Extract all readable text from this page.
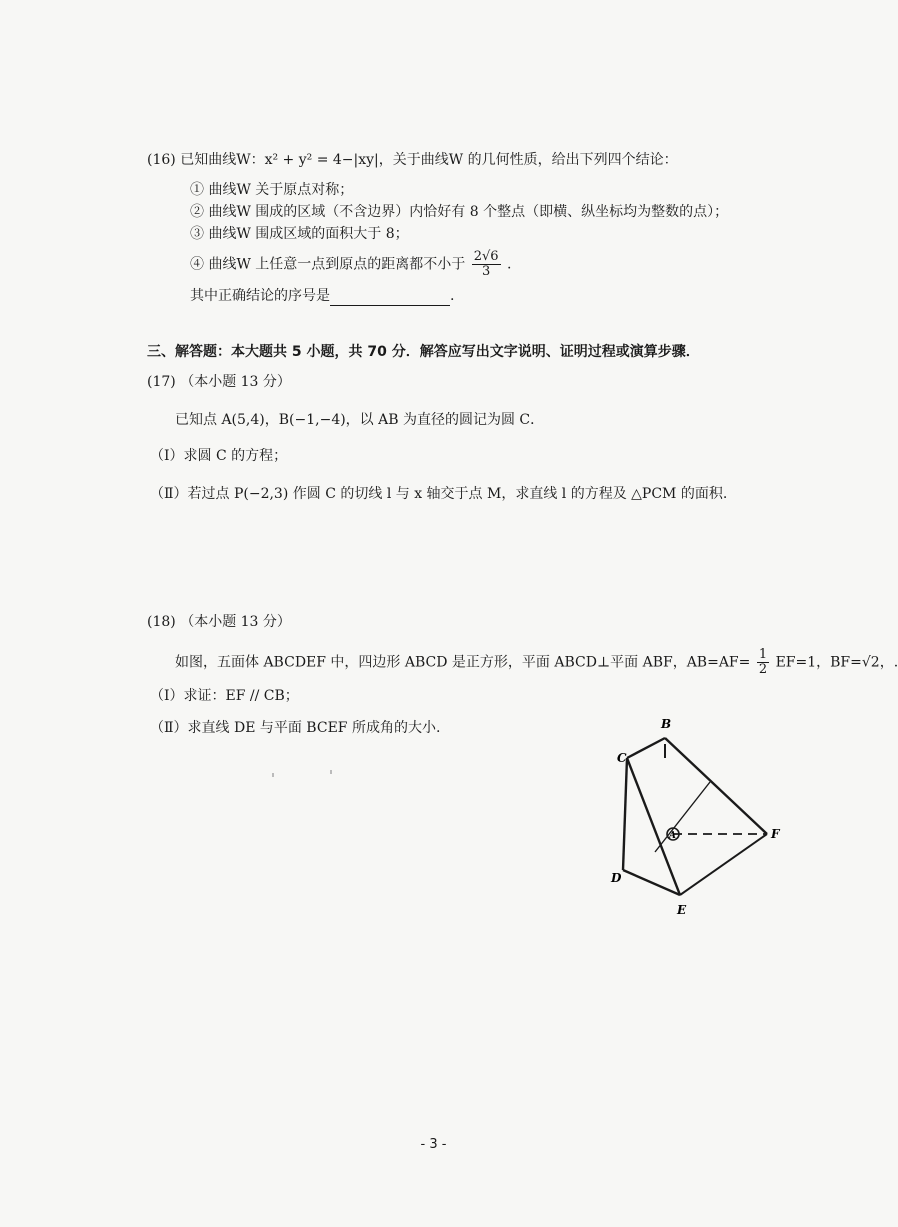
(16) 已知曲线W：x² + y² = 4−|xy|，关于曲线W 的几何性质，给出下列四个结论：
① 曲线W 关于原点对称；
② 曲线W 围成的区域（不含边界）内恰好有 8 个整点（即横、纵坐标均为整数的点）；
③ 曲线W 围成区域的面积大于 8；
④ 曲线W 上任意一点到原点的距离都不小于 $\frac{2√6}{3}$ .
其中正确结论的序号是	.
三、解答题：本大题共 5 小题，共 70 分．解答应写出文字说明、证明过程或演算步骤．
(17) （本小题 13 分）
已知点 A(5,4)，B(−1,−4)，以 AB 为直径的圆记为圆 C．
（Ⅰ）求圆 C 的方程；
（Ⅱ）若过点 P(−2,3) 作圆 C 的切线 l 与 x 轴交于点 M，求直线 l 的方程及 △PCM 的面积.
(18) （本小题 13 分）
如图，五面体 ABCDEF 中，四边形 ABCD 是正方形，平面 ABCD⊥平面 ABF，$AB=AF= \frac{1}{2} EF=1$，BF=√2，.
（Ⅰ）求证：EF // CB；
（Ⅱ）求直线 DE 与平面 BCEF 所成角的大小.	B
C
A	F
D
E
- 3 -
